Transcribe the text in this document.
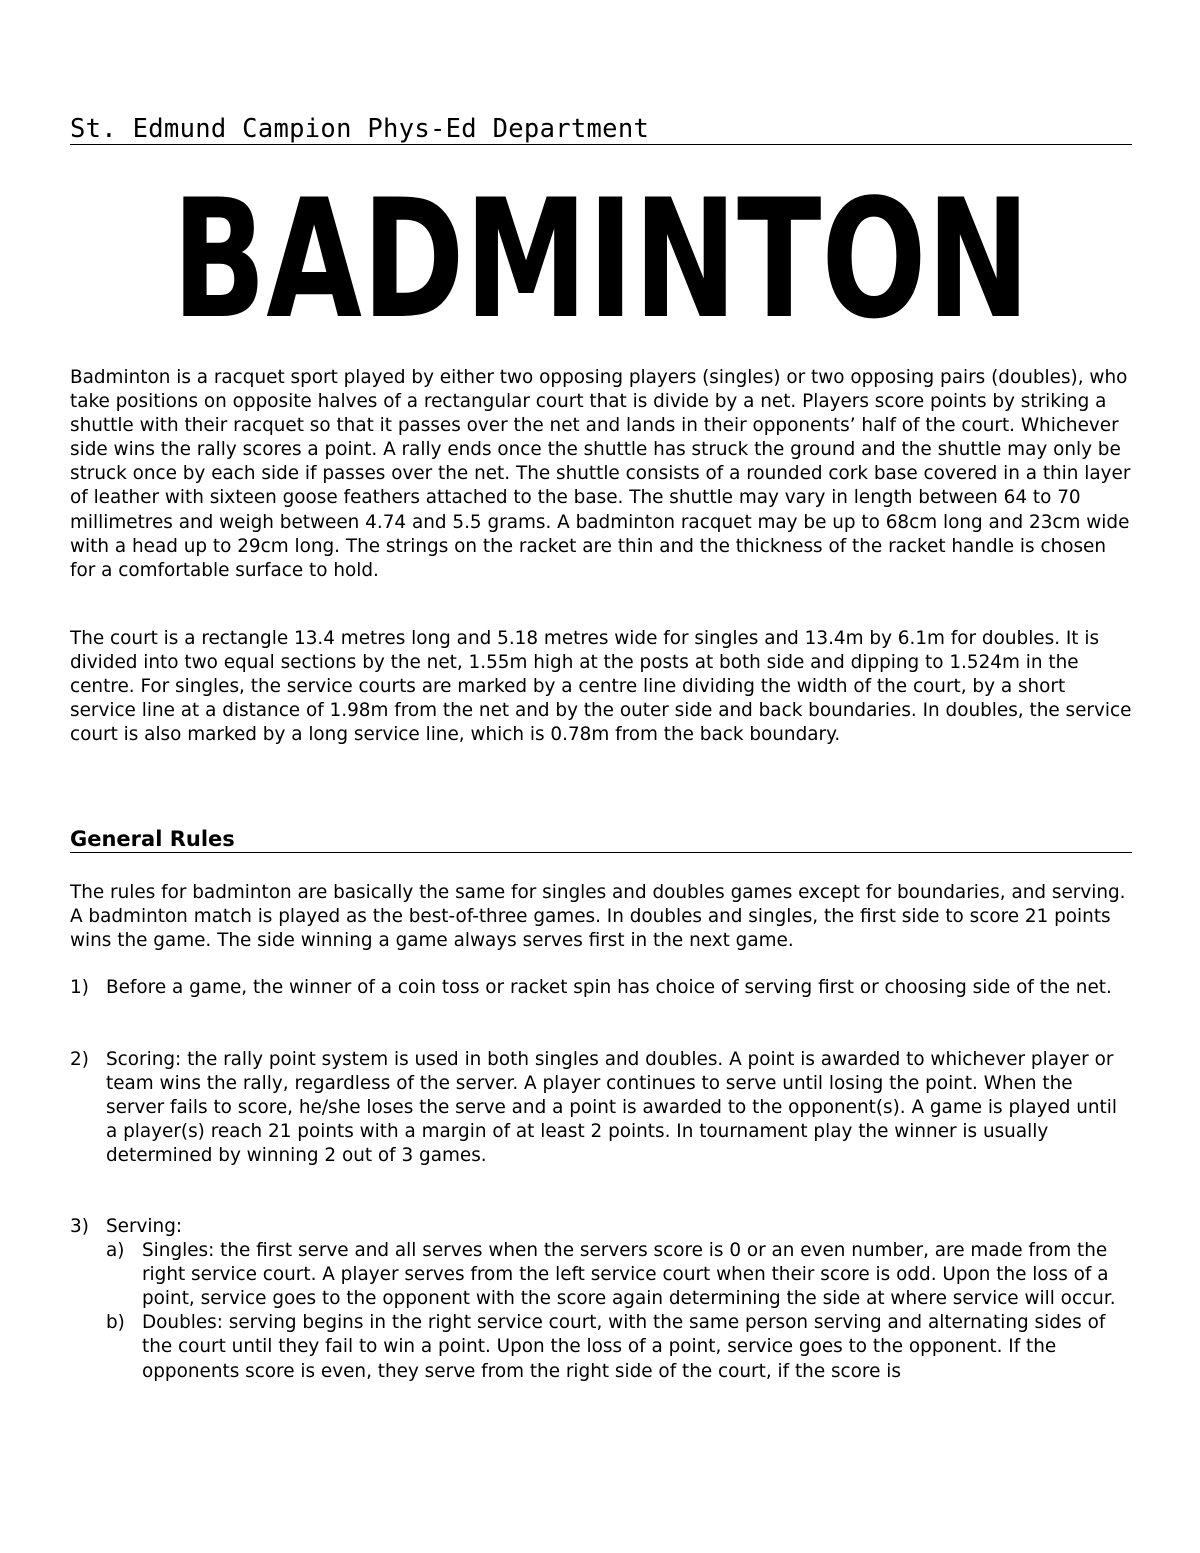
St. Edmund Campion Phys-Ed Department
BADMINTON

Badminton is a racquet sport played by either two opposing players (singles) or two opposing pairs (doubles), who take positions on opposite halves of a rectangular court that is divide by a net. Players score points by striking a shuttle with their racquet so that it passes over the net and lands in their opponents’ half of the court. Whichever side wins the rally scores a point. A rally ends once the shuttle has struck the ground and the shuttle may only be struck once by each side if passes over the net. The shuttle consists of a rounded cork base covered in a thin layer of leather with sixteen goose feathers attached to the base. The shuttle may vary in length between 64 to 70 millimetres and weigh between 4.74 and 5.5 grams. A badminton racquet may be up to 68cm long and 23cm wide with a head up to 29cm long. The strings on the racket are thin and the thickness of the racket handle is chosen for a comfortable surface to hold.

The court is a rectangle 13.4 metres long and 5.18 metres wide for singles and 13.4m by 6.1m for doubles. It is divided into two equal sections by the net, 1.55m high at the posts at both side and dipping to 1.524m in the centre. For singles, the service courts are marked by a centre line dividing the width of the court, by a short service line at a distance of 1.98m from the net and by the outer side and back boundaries. In doubles, the service court is also marked by a long service line, which is 0.78m from the back boundary.

General Rules

The rules for badminton are basically the same for singles and doubles games except for boundaries, and serving. A badminton match is played as the best-of-three games. In doubles and singles, the first side to score 21 points wins the game. The side winning a game always serves first in the next game.

1) Before a game, the winner of a coin toss or racket spin has choice of serving first or choosing side of the net.
2) Scoring: the rally point system is used in both singles and doubles. A point is awarded to whichever player or team wins the rally, regardless of the server. A player continues to serve until losing the point. When the server fails to score, he/she loses the serve and a point is awarded to the opponent(s). A game is played until a player(s) reach 21 points with a margin of at least 2 points. In tournament play the winner is usually determined by winning 2 out of 3 games.
3) Serving:
a) Singles: the first serve and all serves when the servers score is 0 or an even number, are made from the right service court. A player serves from the left service court when their score is odd. Upon the loss of a point, service goes to the opponent with the score again determining the side at where service will occur.
b) Doubles: serving begins in the right service court, with the same person serving and alternating sides of the court until they fail to win a point. Upon the loss of a point, service goes to the opponent. If the opponents score is even, they serve from the right side of the court, if the score is
